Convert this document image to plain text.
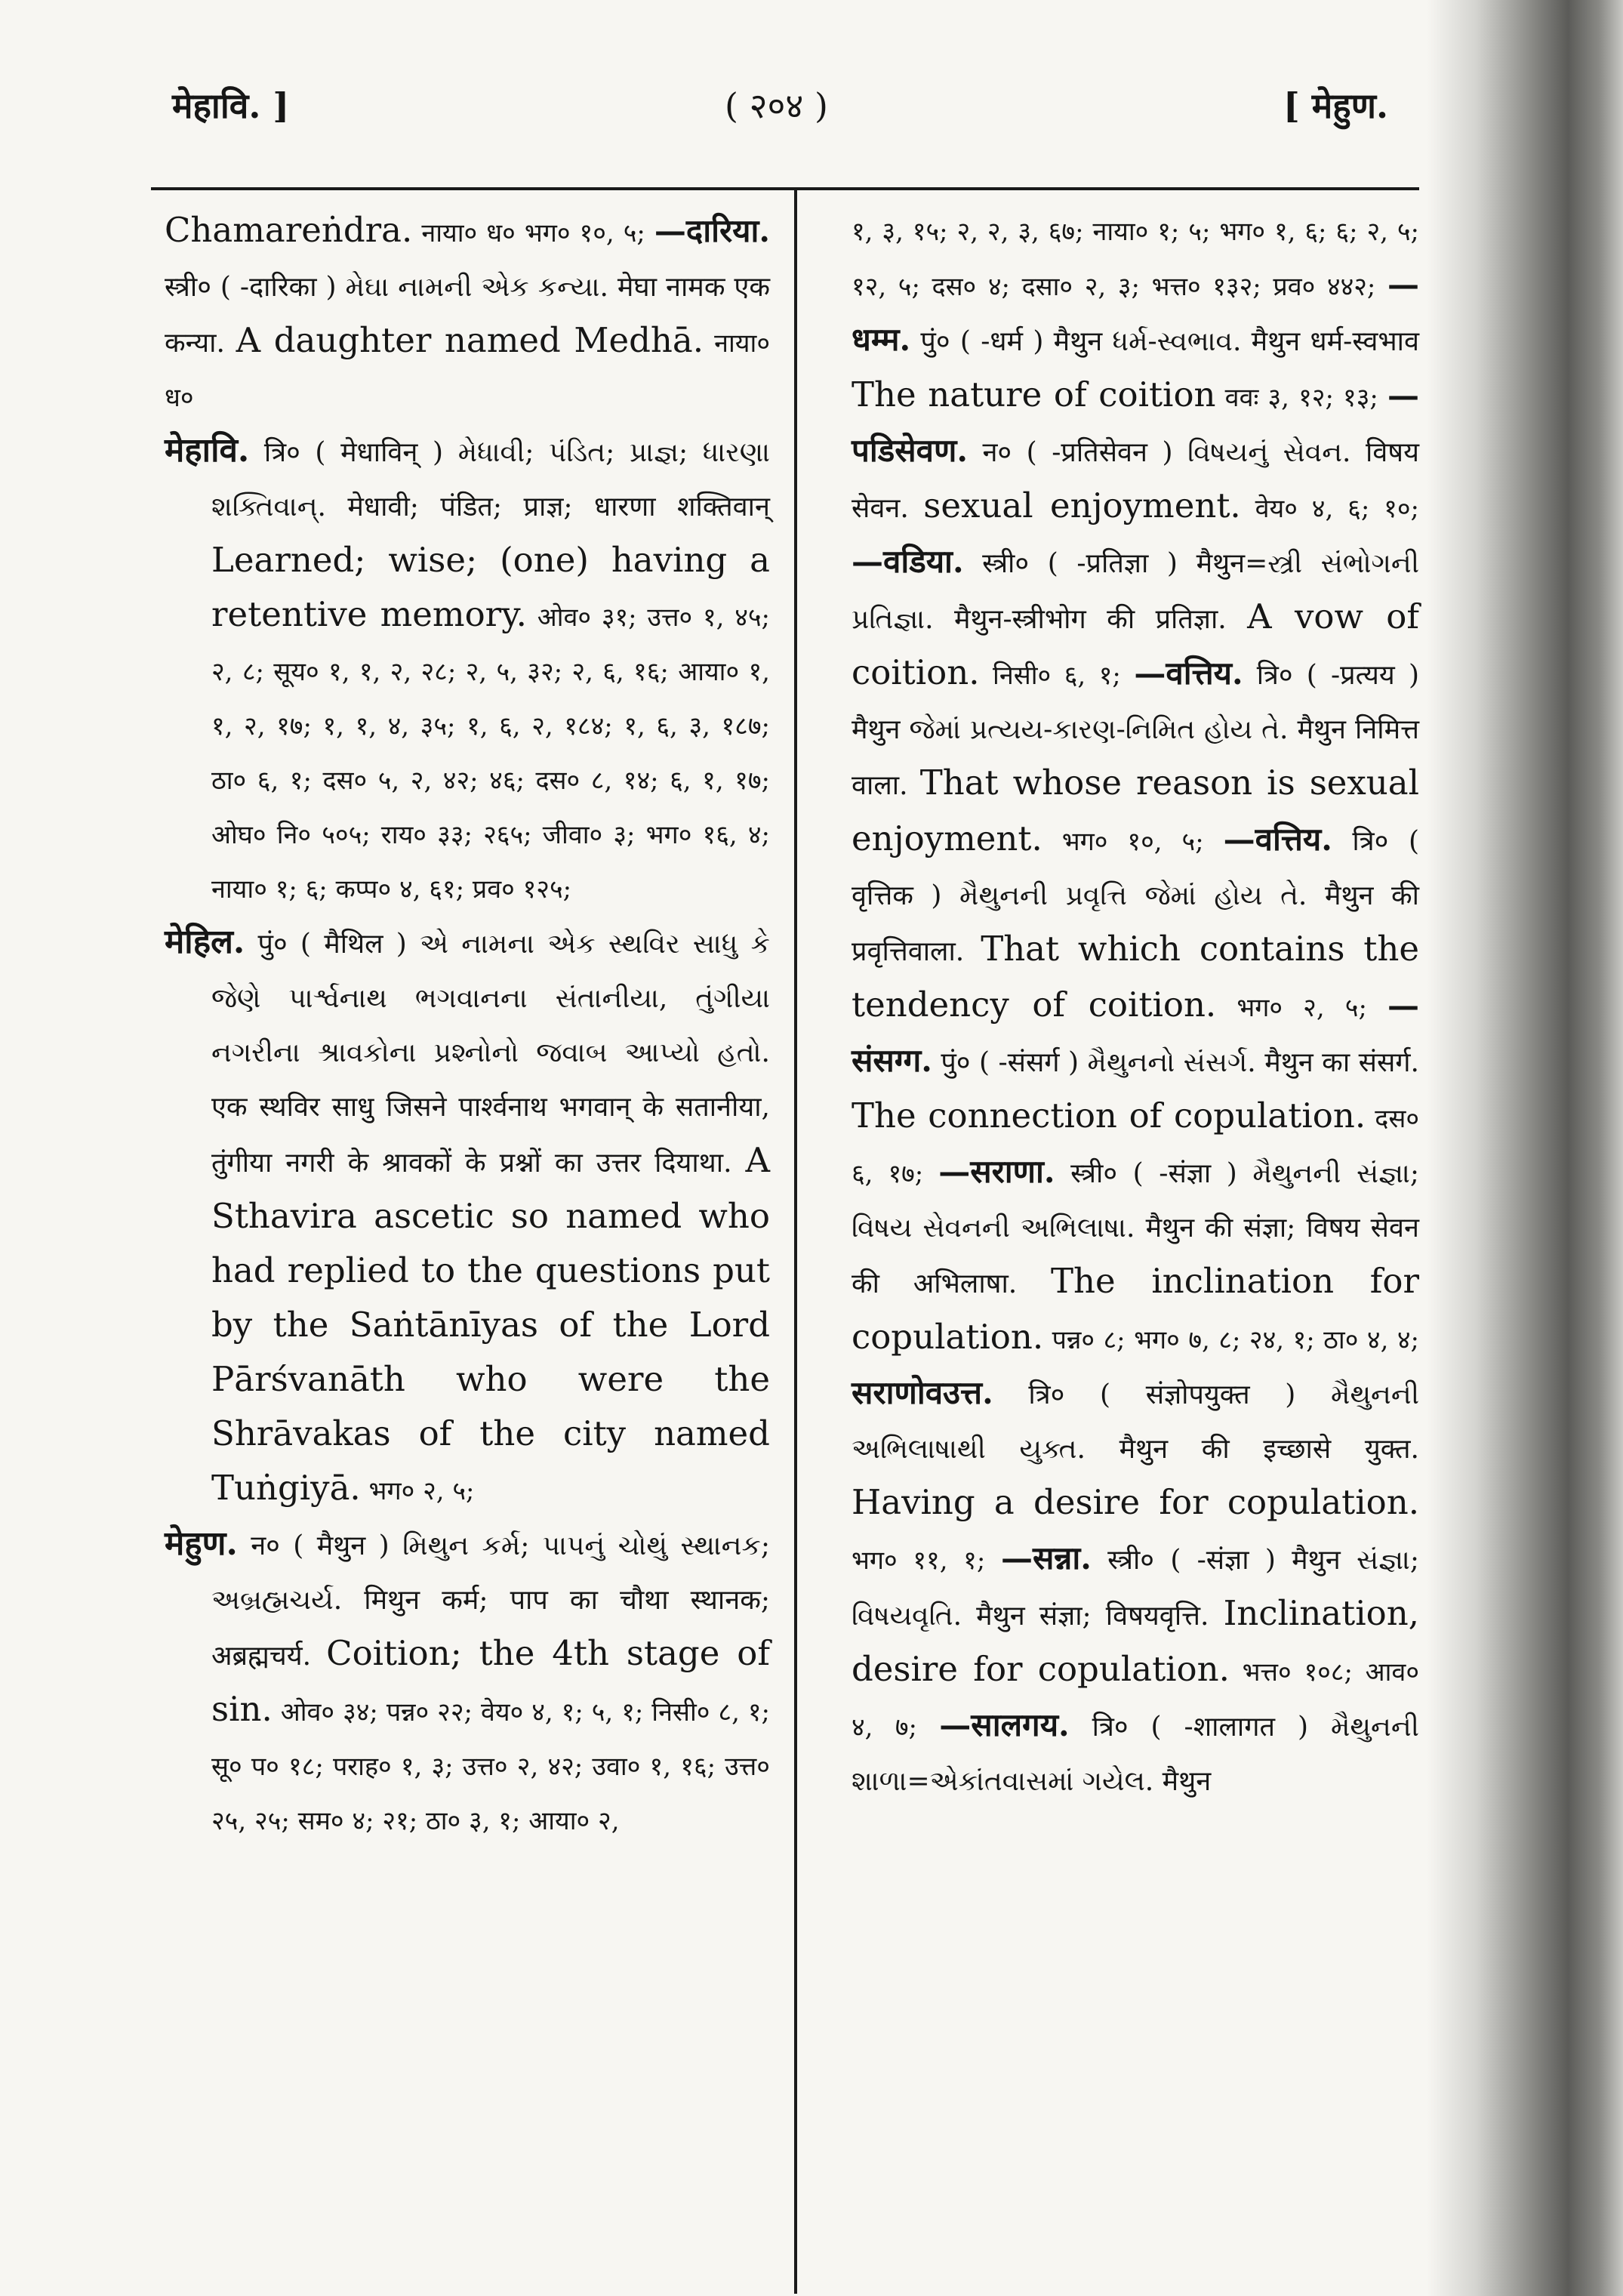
मेहावि. ]	( २०४ )	[ मेहुण.

Chamareṅdra. नाया० ध० भग० १०, ५; —दारिया. स्त्री० ( -दारिका ) મેઘા નામની એક કન્યા. मेघा नामक एक कन्या. A daughter named Medhā. नाया० ध०

मेहावि. त्रि० ( मेधाविन् ) મેધાવી; પંડિત; પ્રાજ્ઞ; ધારણા શક્તિવાન્. मेधावी; पंडित; प्राज्ञ; धारणा शक्तिवान् Learned; wise; (one) having a retentive memory. ओव० ३१; उत्त० १, ४५; २, ८; सूय० १, १, २, २८; २, ५, ३२; २, ६, १६; आया० १, १, २, १७; १, १, ४, ३५; १, ६, २, १८४; १, ६, ३, १८७; ठा० ६, १; दस० ५, २, ४२; ४६; दस० ८, १४; ६, १, १७; ओघ० नि० ५०५; राय० ३३; २६५; जीवा० ३; भग० १६, ४; नाया० १; ६; कप्प० ४, ६१; प्रव० १२५;

मेहिल. पुं० ( मैथिल ) એ નામના એક સ્થવિર સાધુ કે જેણે પાર્શ્વનાથ ભગવાનના સંતાનીયા, તુંગીયા નગરીના શ્રાવકોના પ્રશ્નોનો જવાબ આપ્યો હતો. एक स्थविर साधु जिसने पार्श्वनाथ भगवान् के सतानीया, तुंगीया नगरी के श्रावकों के प्रश्नों का उत्तर दियाथा. A Sthavira ascetic so named who had replied to the questions put by the Saṅtānīyas of the Lord Pārśvanāth who were the Shrāvakas of the city named Tuṅgiyā. भग० २, ५;

मेहुण. न० ( मैथुन ) મિથુન કર્મ; પાપનું ચોથું સ્થાનક; અબ્રહ્મચર્ય. मिथुन कर्म; पाप का चौथा स्थानक; अब्रह्मचर्य. Coition; the 4th stage of sin. ओव० ३४; पन्न० २२; वेय० ४, १; ५, १; निसी० ८, १; सू० प० १८; पराह० १, ३; उत्त० २, ४२; उवा० १, १६; उत्त० २५, २५; सम० ४; २१; ठा० ३, १; आया० २,

१, ३, १५; २, २, ३, ६७; नाया० १; ५; भग० १, ६; ६; २, ५; १२, ५; दस० ४; दसा० २, ३; भत्त० १३२; प्रव० ४४२; —धम्म. पुं० ( -धर्म ) मैथुन ધર્મ-સ્વભાવ. मैथुन धर्म-स्वभाव The nature of coition ववः ३, १२; १३; —पडिसेवण. न० ( -प्रतिसेवन ) વિષયનું સેવન. विषय सेवन. sexual enjoyment. वेय० ४, ६; १०; —वडिया. स्त्री० ( -प्रतिज्ञा ) मैथुन=સ્ત્રી સંભોગની પ્રતિજ્ઞા. मैथुन-स्त्रीभोग की प्रतिज्ञा. A vow of coition. निसी० ६, १; —वत्तिय. त्रि० ( -प्रत्यय ) मैथुन જેમાં પ્રત્યય-કારણ-નિમિત હોય તે. मैथुन निमित्त वाला. That whose reason is sexual enjoyment. भग० १०, ५; —वत्तिय. त्रि० ( वृत्तिक ) મૈથુનની પ્રવૃત્તિ જેમાં હોય તે. मैथुन की प्रवृत्तिवाला. That which contains the tendency of coition. भग० २, ५; —संसग्ग. पुं० ( -संसर्ग ) મૈથુનનો સંસર્ગ. मैथुन का संसर्ग. The connection of copulation. दस० ६, १७; —सराणा. स्त्री० ( -संज्ञा ) મૈથુનની સંજ્ઞા; વિષય સેવનની અભિલાષા. मैथुन की संज्ञा; विषय सेवन की अभिलाषा. The inclination for copulation. पन्न० ८; भग० ७, ८; २४, १; ठा० ४, ४; सराणोवउत्त. त्रि० ( संज्ञोपयुक्त ) મૈથુનની અભિલાષાથી યુક્ત. मैथुन की इच्छासे युक्त. Having a desire for copulation. भग० ११, १; —सन्ना. स्त्री० ( -संज्ञा ) मैथुन સંજ્ઞા; વિષયવૃતિ. मैथुन संज्ञा; विषयवृत्ति. Inclination, desire for copulation. भत्त० १०८; आव० ४, ७; —सालगय. त्रि० ( -शालागत ) મૈથુનની શાળા=એકાંતવાસમાં ગયેલ. मैथुन
